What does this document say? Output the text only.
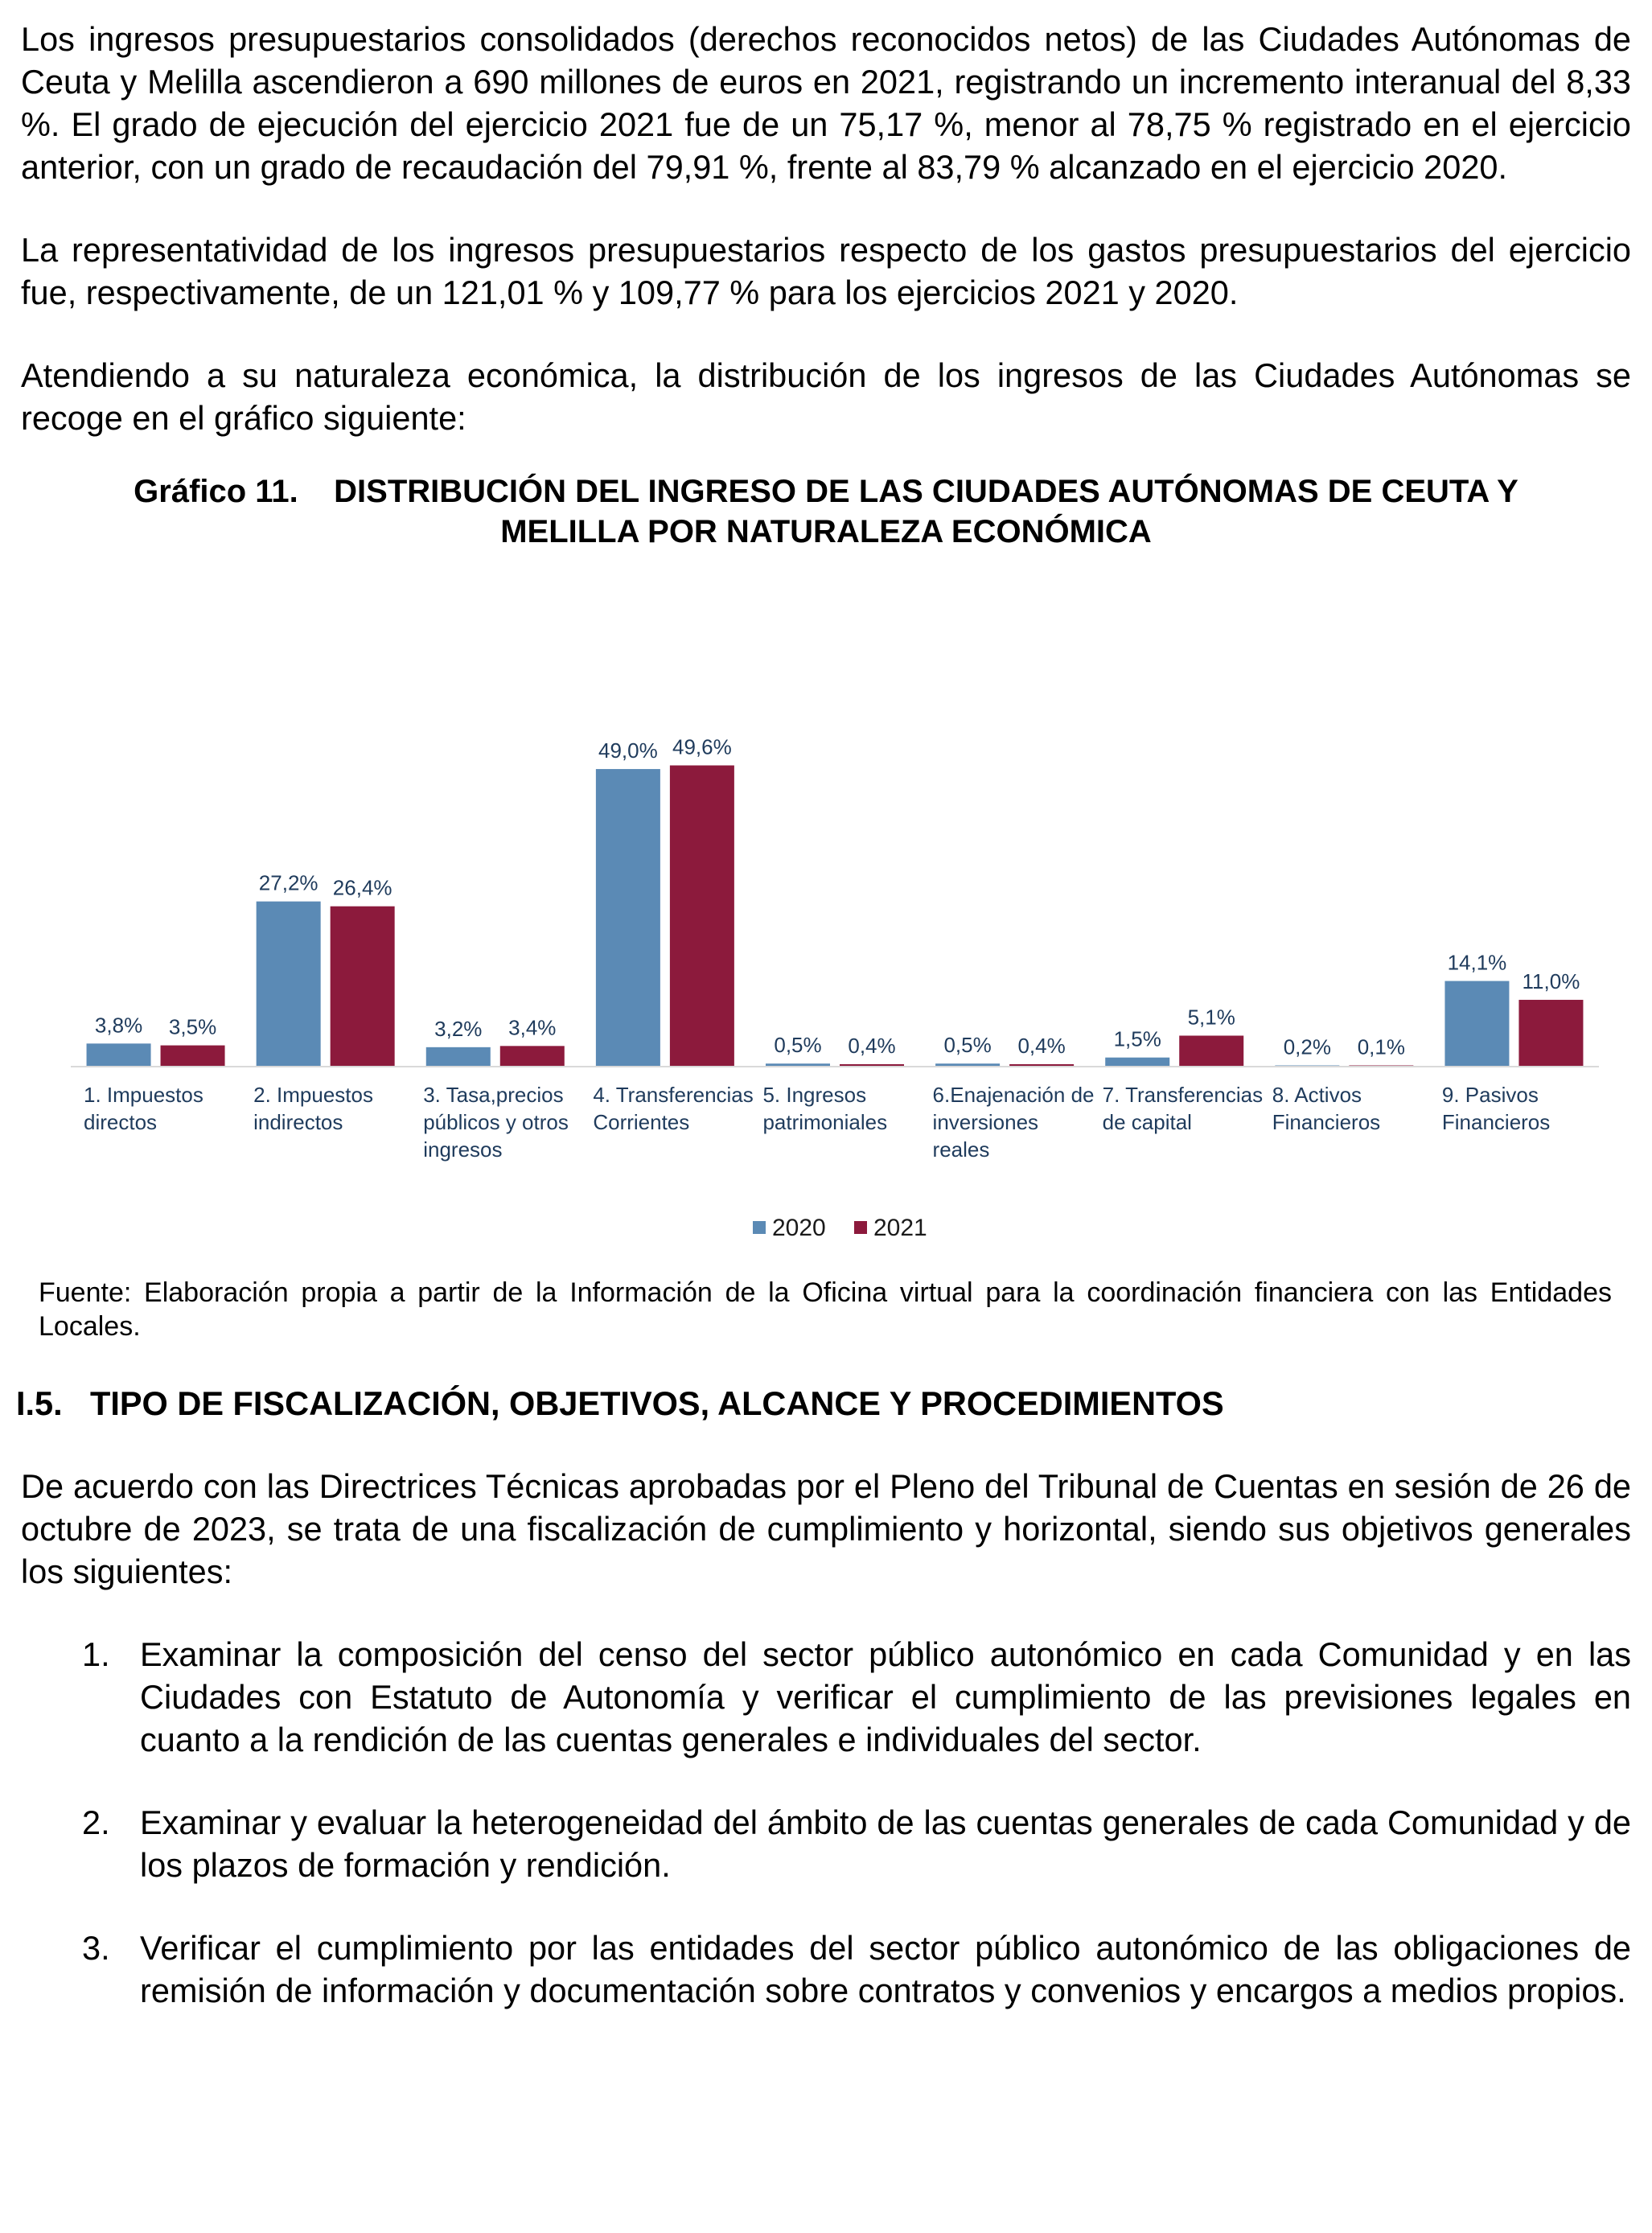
Los ingresos presupuestarios consolidados (derechos reconocidos netos) de las Ciudades Autónomas de Ceuta y Melilla ascendieron a 690 millones de euros en 2021, registrando un incremento interanual del 8,33 %. El grado de ejecución del ejercicio 2021 fue de un 75,17 %, menor al 78,75 % registrado en el ejercicio anterior, con un grado de recaudación del 79,91 %, frente al 83,79 % alcanzado en el ejercicio 2020.

La representatividad de los ingresos presupuestarios respecto de los gastos presupuestarios del ejercicio fue, respectivamente, de un 121,01 % y 109,77 % para los ejercicios 2021 y 2020.

Atendiendo a su naturaleza económica, la distribución de los ingresos de las Ciudades Autónomas se recoge en el gráfico siguiente:

Gráfico 11. DISTRIBUCIÓN DEL INGRESO DE LAS CIUDADES AUTÓNOMAS DE CEUTA Y
MELILLA POR NATURALEZA ECONÓMICA
3,8% 3,5%
1. Impuestos
directos
27,2% 26,4%
2. Impuestos
indirectos
3,2% 3,4%
3. Tasa,precios
públicos y otros
ingresos
49,0% 49,6%
4. Transferencias
Corrientes
0,5% 0,4%
5. Ingresos
patrimoniales
0,5% 0,4%
6.Enajenación de
inversiones
reales
1,5%
5,1%
7. Transferencias
de capital
0,2% 0,1%
8. Activos
Financieros
14,1%
11,0%
9. Pasivos
Financieros
2020 2021

Fuente: Elaboración propia a partir de la Información de la Oficina virtual para la coordinación financiera con las Entidades Locales.

I.5. TIPO DE FISCALIZACIÓN, OBJETIVOS, ALCANCE Y PROCEDIMIENTOS

De acuerdo con las Directrices Técnicas aprobadas por el Pleno del Tribunal de Cuentas en sesión de 26 de octubre de 2023, se trata de una fiscalización de cumplimiento y horizontal, siendo sus objetivos generales los siguientes:

1. Examinar la composición del censo del sector público autonómico en cada Comunidad y en las Ciudades con Estatuto de Autonomía y verificar el cumplimiento de las previsiones legales en cuanto a la rendición de las cuentas generales e individuales del sector.
2. Examinar y evaluar la heterogeneidad del ámbito de las cuentas generales de cada Comunidad y de los plazos de formación y rendición.
3. Verificar el cumplimiento por las entidades del sector público autonómico de las obligaciones de remisión de información y documentación sobre contratos y convenios y encargos a medios propios.
